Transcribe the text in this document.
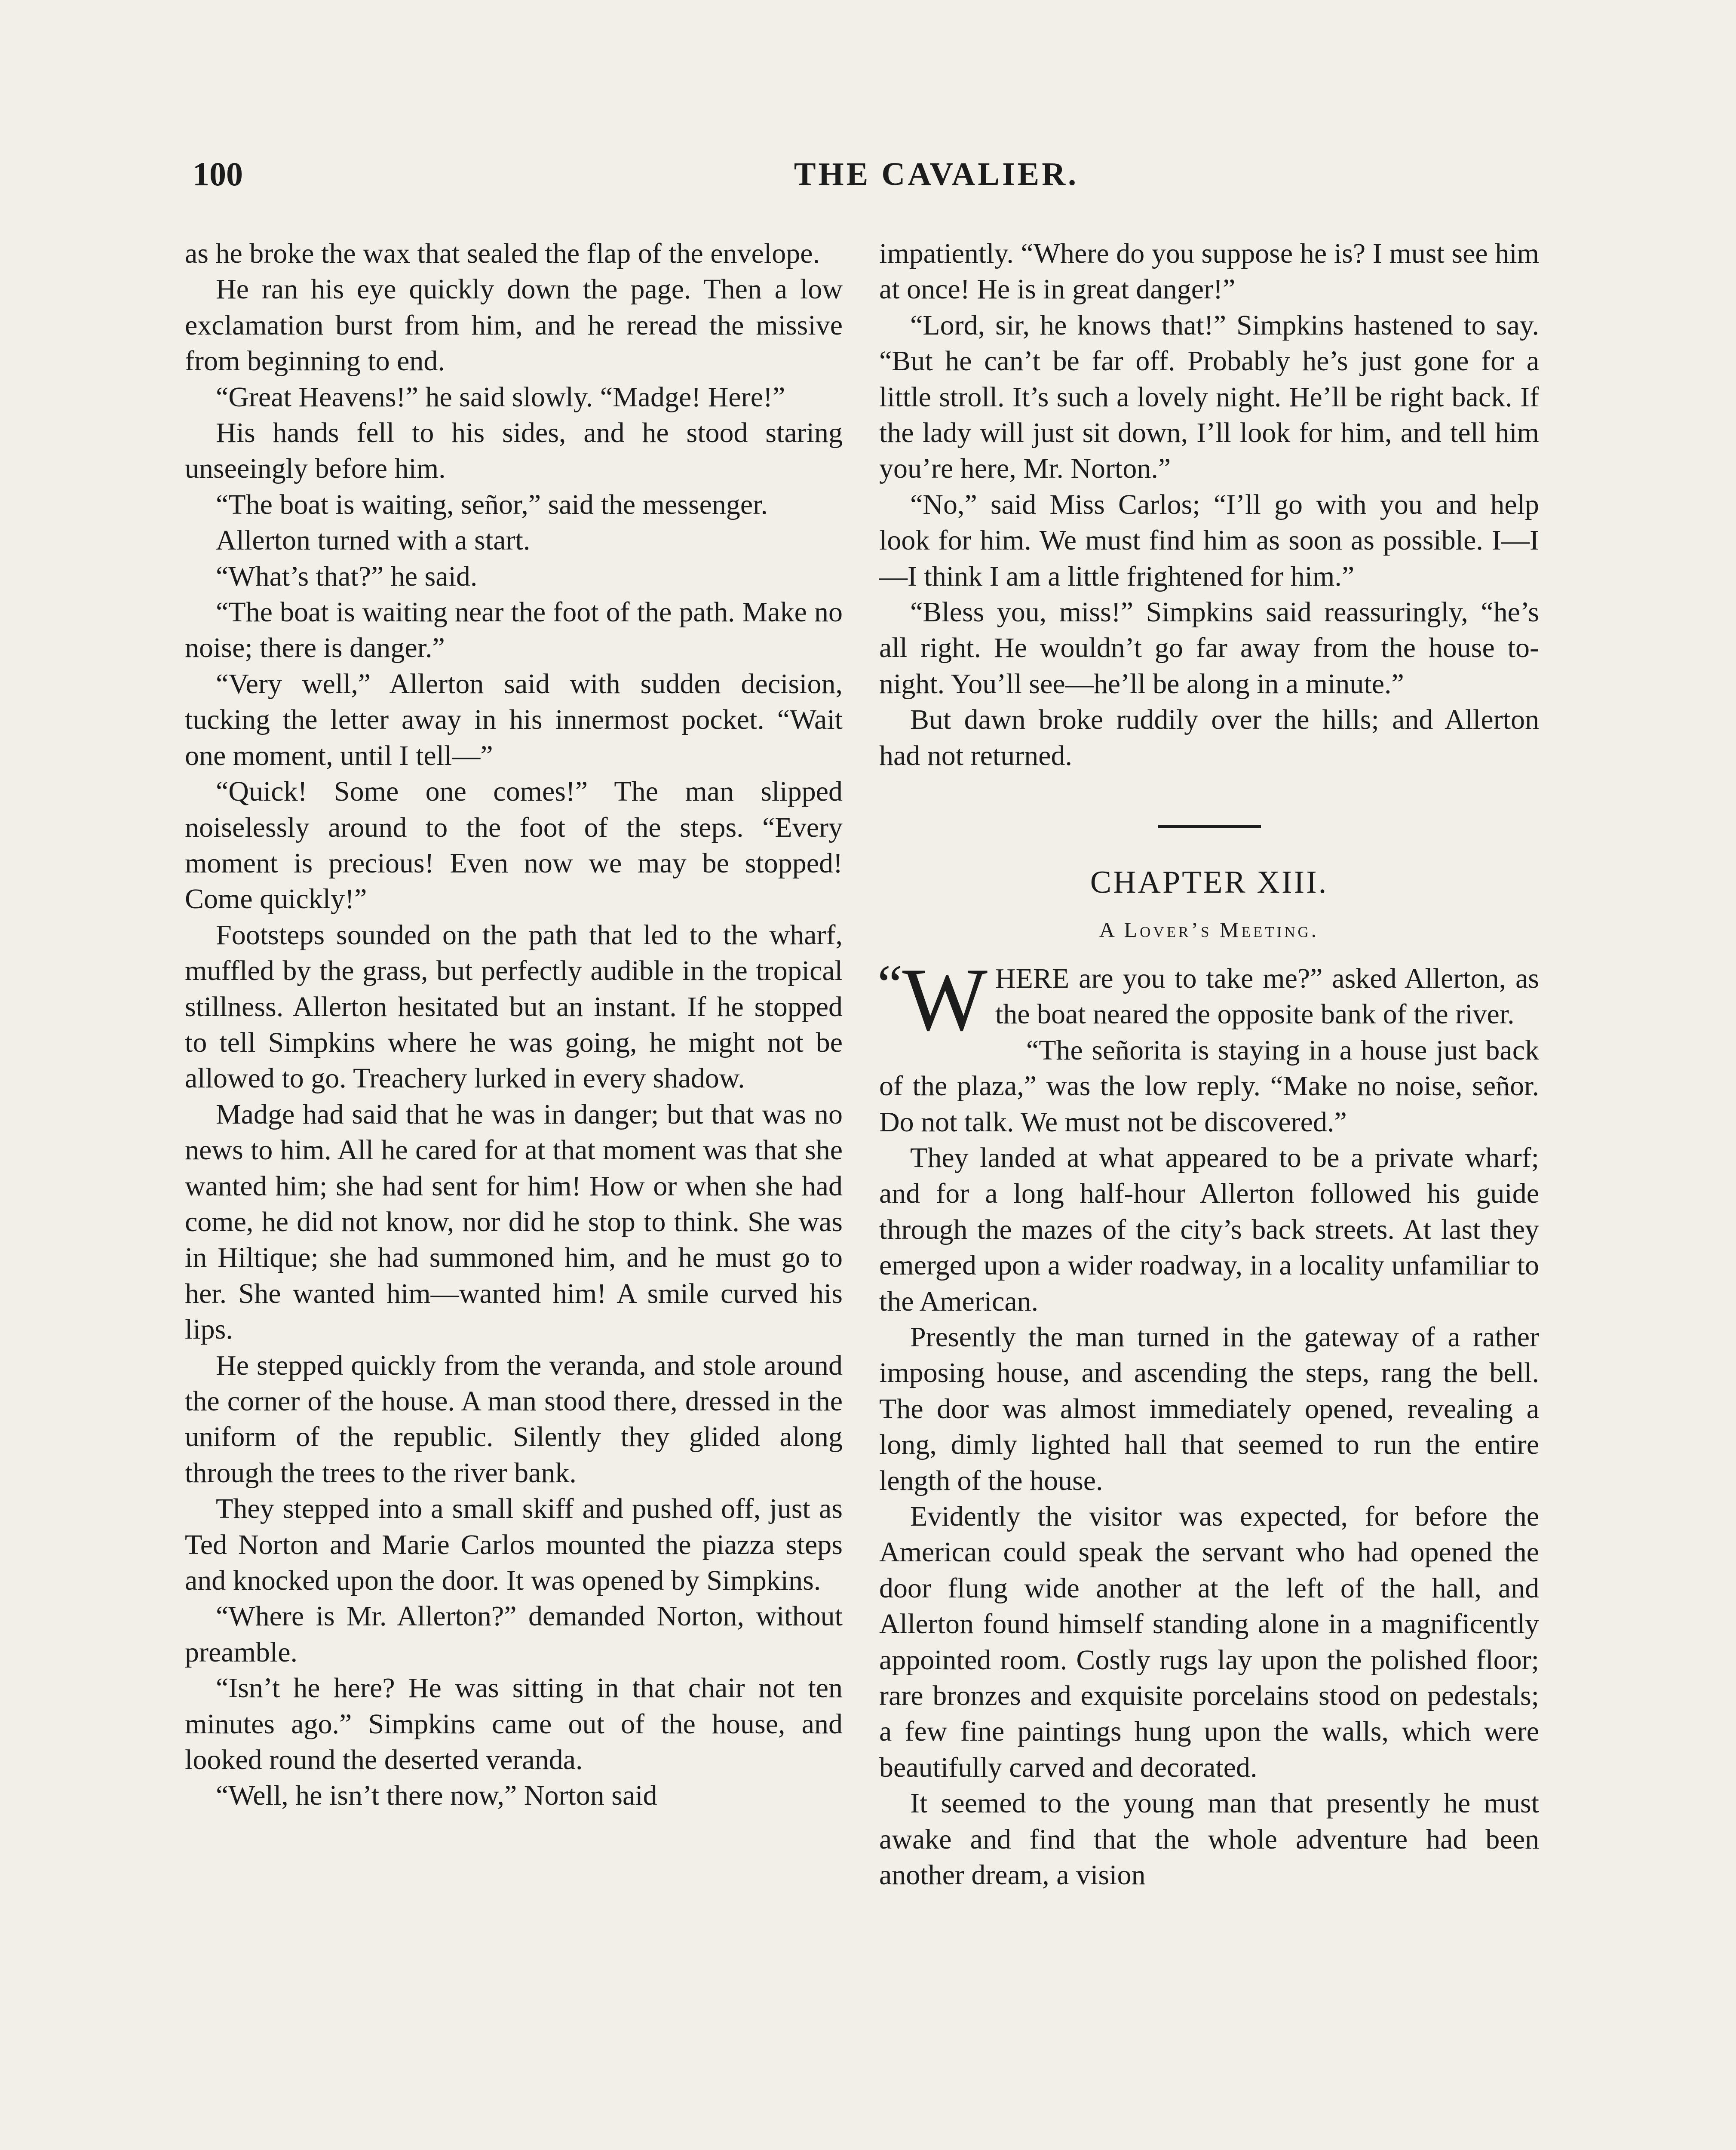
100	THE CAVALIER.

as he broke the wax that sealed the flap of the envelope.

He ran his eye quickly down the page. Then a low exclamation burst from him, and he reread the missive from beginning to end.

“Great Heavens!” he said slowly. “Madge! Here!”

His hands fell to his sides, and he stood staring unseeingly before him.

“The boat is waiting, señor,” said the messenger.

Allerton turned with a start.

“What’s that?” he said.

“The boat is waiting near the foot of the path. Make no noise; there is danger.”

“Very well,” Allerton said with sudden decision, tucking the letter away in his innermost pocket. “Wait one moment, until I tell—”

“Quick! Some one comes!” The man slipped noiselessly around to the foot of the steps. “Every moment is precious! Even now we may be stopped! Come quickly!”

Footsteps sounded on the path that led to the wharf, muffled by the grass, but perfectly audible in the tropical stillness. Allerton hesitated but an instant. If he stopped to tell Simpkins where he was going, he might not be allowed to go. Treachery lurked in every shadow.

Madge had said that he was in danger; but that was no news to him. All he cared for at that moment was that she wanted him; she had sent for him! How or when she had come, he did not know, nor did he stop to think. She was in Hiltique; she had summoned him, and he must go to her. She wanted him—wanted him! A smile curved his lips.

He stepped quickly from the veranda, and stole around the corner of the house. A man stood there, dressed in the uniform of the republic. Silently they glided along through the trees to the river bank.

They stepped into a small skiff and pushed off, just as Ted Norton and Marie Carlos mounted the piazza steps and knocked upon the door. It was opened by Simpkins.

“Where is Mr. Allerton?” demanded Norton, without preamble.

“Isn’t he here? He was sitting in that chair not ten minutes ago.” Simpkins came out of the house, and looked round the deserted veranda.

“Well, he isn’t there now,” Norton said

impatiently. “Where do you suppose he is? I must see him at once! He is in great danger!”

“Lord, sir, he knows that!” Simpkins hastened to say. “But he can’t be far off. Probably he’s just gone for a little stroll. It’s such a lovely night. He’ll be right back. If the lady will just sit down, I’ll look for him, and tell him you’re here, Mr. Norton.”

“No,” said Miss Carlos; “I’ll go with you and help look for him. We must find him as soon as possible. I—I—I think I am a little frightened for him.”

“Bless you, miss!” Simpkins said reassuringly, “he’s all right. He wouldn’t go far away from the house to-night. You’ll see—he’ll be along in a minute.”

But dawn broke ruddily over the hills; and Allerton had not returned.

CHAPTER XIII.
A Lover’s Meeting.

“W HERE are you to take me?” asked Allerton, as the boat neared the opposite bank of the river.

“The señorita is staying in a house just back of the plaza,” was the low reply. “Make no noise, señor. Do not talk. We must not be discovered.”

They landed at what appeared to be a private wharf; and for a long half-hour Allerton followed his guide through the mazes of the city’s back streets. At last they emerged upon a wider roadway, in a locality unfamiliar to the American.

Presently the man turned in the gateway of a rather imposing house, and ascending the steps, rang the bell. The door was almost immediately opened, revealing a long, dimly lighted hall that seemed to run the entire length of the house.

Evidently the visitor was expected, for before the American could speak the servant who had opened the door flung wide another at the left of the hall, and Allerton found himself standing alone in a magnificently appointed room. Costly rugs lay upon the polished floor; rare bronzes and exquisite porcelains stood on pedestals; a few fine paintings hung upon the walls, which were beautifully carved and decorated.

It seemed to the young man that presently he must awake and find that the whole adventure had been another dream, a vision
